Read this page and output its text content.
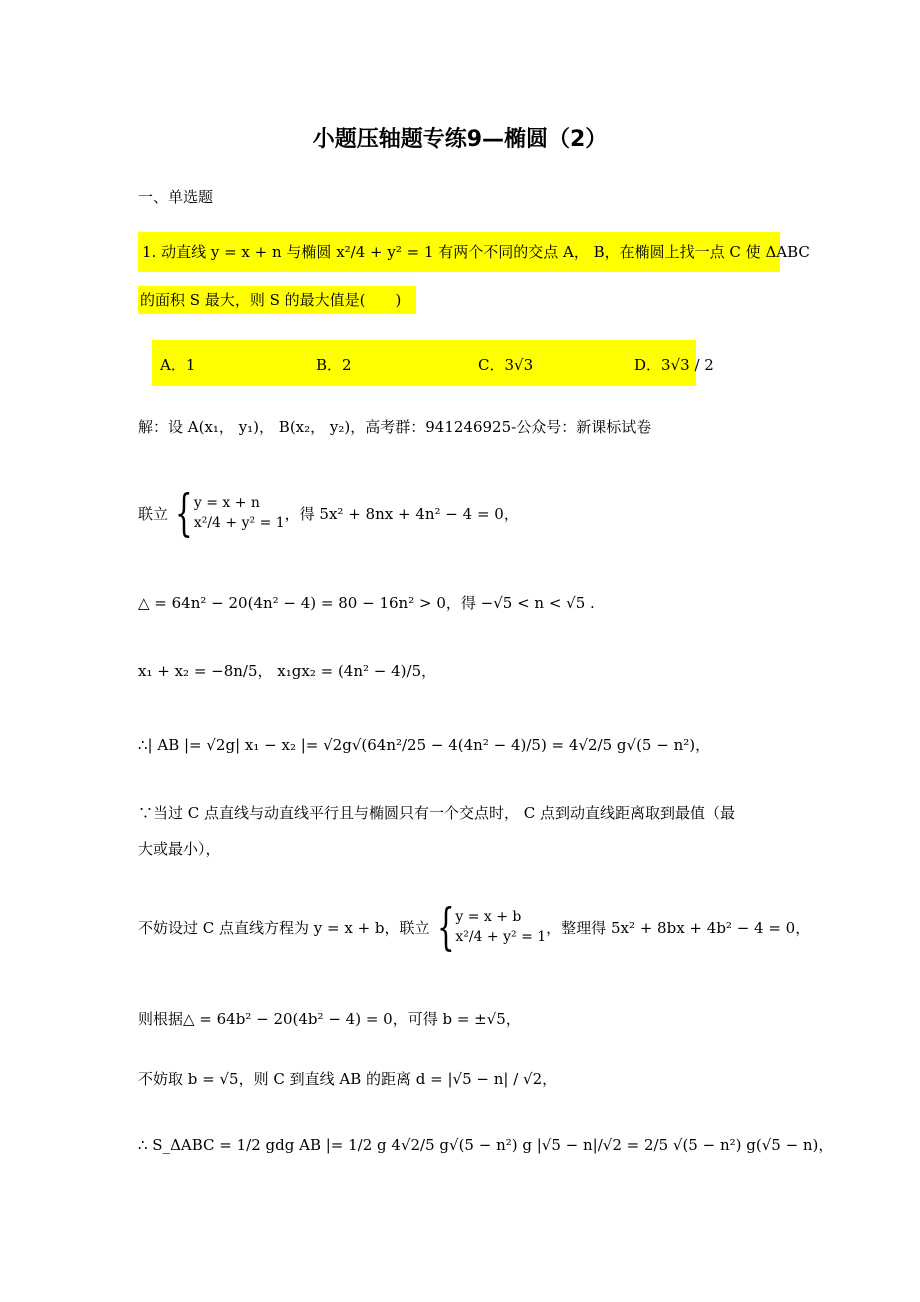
小题压轴题专练9—椭圆（2）
一、单选题
1. 动直线 y = x + n 与椭圆 x²/4 + y² = 1 有两个不同的交点 A， B，在椭圆上找一点 C 使 ΔABC
的面积 S 最大，则 S 的最大值是(　　)
A．1	B．2	C．3√3	D．3√3 / 2
解：设 A(x₁， y₁)， B(x₂， y₂)，高考群：941246925-公众号：新课标试卷
联立 { y = x + n
x²/4 + y² = 1
，得 5x² + 8nx + 4n² − 4 = 0，
△ = 64n² − 20(4n² − 4) = 80 − 16n² > 0，得 −√5 < n < √5 .
x₁ + x₂ = −8n/5， x₁gx₂ = (4n² − 4)/5，
∴| AB |= √2g| x₁ − x₂ |= √2g√(64n²/25 − 4(4n² − 4)/5) = 4√2/5 g√(5 − n²)，
∵当过 C 点直线与动直线平行且与椭圆只有一个交点时， C 点到动直线距离取到最值（最
大或最小），
不妨设过 C 点直线方程为 y = x + b，联立 { y = x + b
x²/4 + y² = 1
，整理得 5x² + 8bx + 4b² − 4 = 0，
则根据△ = 64b² − 20(4b² − 4) = 0，可得 b = ±√5，
不妨取 b = √5，则 C 到直线 AB 的距离 d = |√5 − n| / √2，
∴ S_ΔABC = 1/2 gdg AB |= 1/2 g 4√2/5 g√(5 − n²) g |√5 − n|/√2 = 2/5 √(5 − n²) g(√5 − n)，
